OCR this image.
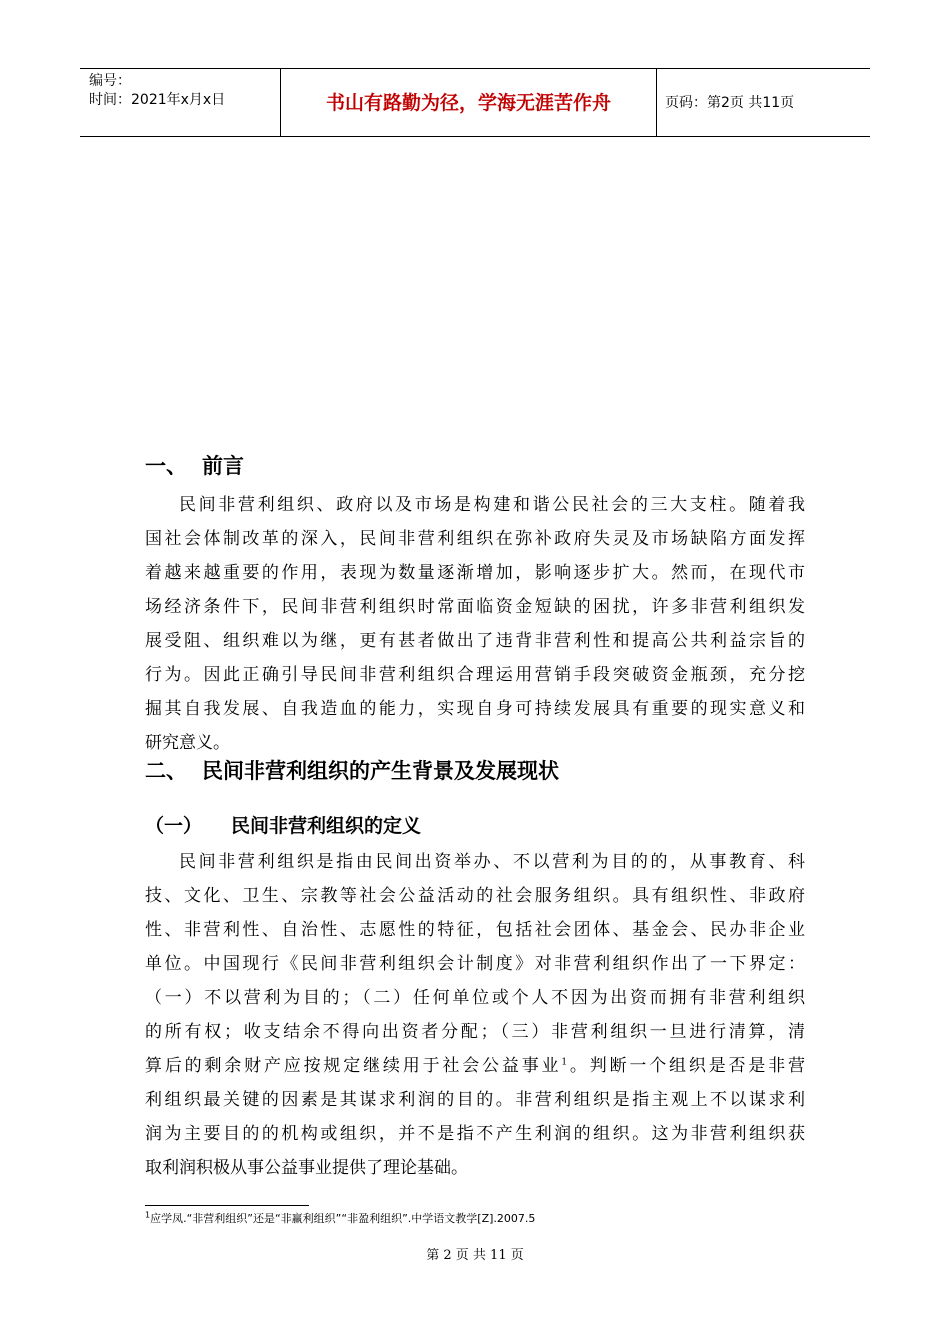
编号：
时间：2021年x月x日	书山有路勤为径，学海无涯苦作舟	页码：第2页 共11页
一、 前言
民间非营利组织、政府以及市场是构建和谐公民社会的三大支柱。随着我
国社会体制改革的深入，民间非营利组织在弥补政府失灵及市场缺陷方面发挥
着越来越重要的作用，表现为数量逐渐增加，影响逐步扩大。然而，在现代市
场经济条件下，民间非营利组织时常面临资金短缺的困扰，许多非营利组织发
展受阻、组织难以为继，更有甚者做出了违背非营利性和提高公共利益宗旨的
行为。因此正确引导民间非营利组织合理运用营销手段突破资金瓶颈，充分挖
掘其自我发展、自我造血的能力，实现自身可持续发展具有重要的现实意义和
研究意义。
二、 民间非营利组织的产生背景及发展现状
（一） 民间非营利组织的定义
民间非营利组织是指由民间出资举办、不以营利为目的的，从事教育、科
技、文化、卫生、宗教等社会公益活动的社会服务组织。具有组织性、非政府
性、非营利性、自治性、志愿性的特征，包括社会团体、基金会、民办非企业
单位。中国现行《民间非营利组织会计制度》对非营利组织作出了一下界定：
（一）不以营利为目的；（二）任何单位或个人不因为出资而拥有非营利组织
的所有权；收支结余不得向出资者分配；（三）非营利组织一旦进行清算，清
算后的剩余财产应按规定继续用于社会公益事业$^1$。判断一个组织是否是非营
利组织最关键的因素是其谋求利润的目的。非营利组织是指主观上不以谋求利
润为主要目的的机构或组织，并不是指不产生利润的组织。这为非营利组织获
取利润积极从事公益事业提供了理论基础。
$^1$应学凤.“非营利组织”还是“非赢利组织”“非盈利组织”.中学语文教学[Z].2007.5
第 2 页 共 11 页
